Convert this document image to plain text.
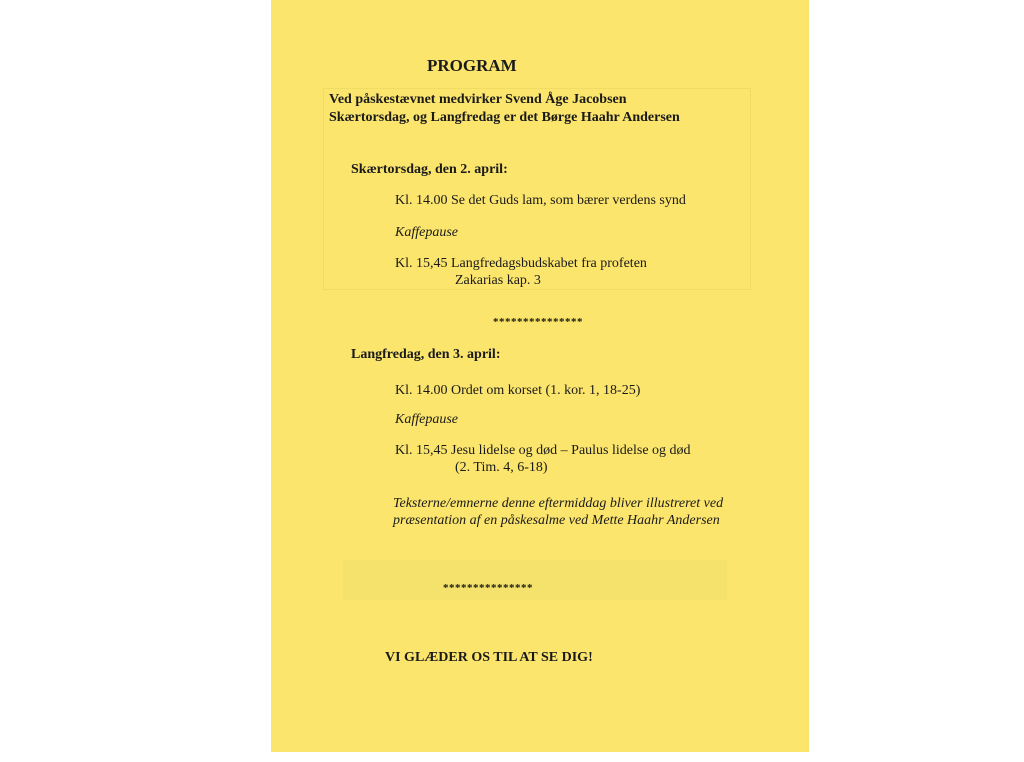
PROGRAM

Ved påskestævnet medvirker Svend Åge Jacobsen
Skærtorsdag, og Langfredag er det Børge Haahr Andersen

Skærtorsdag, den 2. april:

Kl. 14.00 Se det Guds lam, som bærer verdens synd

Kaffepause

Kl. 15,45 Langfredagsbudskabet fra profeten
Zakarias kap. 3

***************

Langfredag, den 3. april:

Kl. 14.00 Ordet om korset (1. kor. 1, 18-25)

Kaffepause

Kl. 15,45 Jesu lidelse og død – Paulus lidelse og død
(2. Tim. 4, 6-18)

Teksterne/emnerne denne eftermiddag bliver illustreret ved præsentation af en påskesalme ved Mette Haahr Andersen

***************

VI GLÆDER OS TIL AT SE DIG!
